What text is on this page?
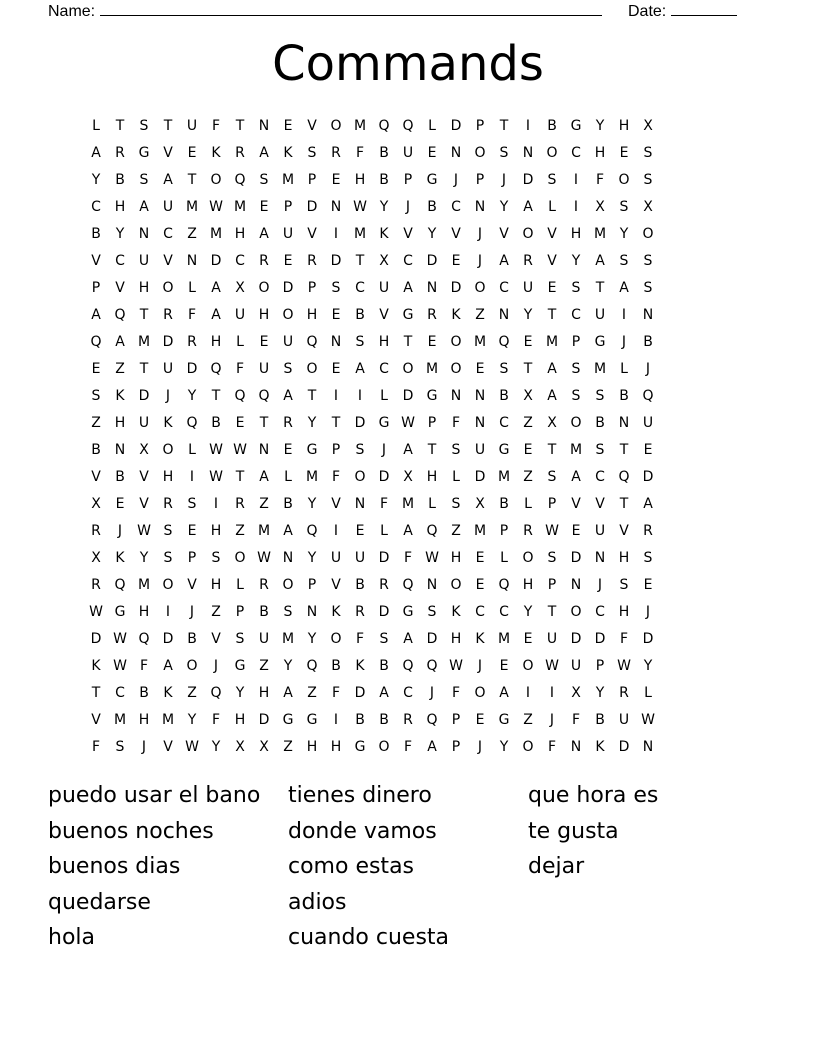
Name:	Date:
Commands
L	T	S	T	U	F	T	N	E	V O M Q Q	L	D	P	T	I	B G	Y	H X
A	R G V	E	K	R	A	K	S	R	F	B	U	E	N O	S	N O C H	E	S
Y	B	S	A	T	O Q	S M P	E	H B	P	G	J	P	J	D	S	I	F	O	S
C H A	U M W M E	P	D N W Y	J	B	C N	Y	A	L	I	X	S	X
B	Y	N C	Z M H A	U	V	I	M K	V	Y	V	J	V O V H M Y	O
V	C U	V N D C	R	E	R D	T	X	C D	E	J	A	R	V	Y	A	S	S
P	V H O	L	A	X O D	P	S	C U	A N D O C U	E	S	T	A	S
A Q	T	R	F	A	U H O H	E	B	V G R	K	Z N	Y	T	C U	I	N
Q A M D R H	L	E	U Q N	S	H	T	E	O M Q	E M P	G	J	B
E	Z	T	U D Q	F	U	S	O	E	A	C O M O	E	S	T	A	S M	L	J
S	K	D	J	Y	T	Q Q A	T	I	I	L	D G N N B	X	A	S	S	B Q
Z H U	K Q B	E	T	R	Y	T	D G W P	F	N C	Z	X O B N U
B N X O	L W W N	E	G	P	S	J	A	T	S	U G	E	T M S	T	E
V	B	V H	I	W T	A	L	M F	O D X H	L	D M Z	S	A	C Q D
X	E	V	R	S	I	R	Z	B	Y	V N	F M	L	S	X	B	L	P	V	V	T	A
R	J	W S	E	H Z M A Q	I	E	L	A Q Z M P	R W E	U	V	R
X	K	Y	S	P	S	O W N	Y	U U D	F W H	E	L	O	S	D N H	S
R Q M O V H	L	R O	P	V	B	R Q N O	E	Q H	P	N	J	S	E
W G H	I	J	Z	P	B	S	N	K	R D G	S	K	C	C	Y	T	O C H	J
D W Q D B	V	S	U M Y	O	F	S	A D H	K M E	U D D	F	D
K W F	A O	J	G Z	Y	Q B	K	B Q Q W	J	E	O W U	P W Y
T	C	B	K	Z Q	Y	H A	Z	F	D A	C	J	F	O A	I	I	X	Y	R	L
V M H M Y	F	H D G G	I	B	B	R Q	P	E	G Z	J	F	B	U W
F	S	J	V W Y	X	X	Z H H G O	F	A	P	J	Y	O	F	N	K	D N
puedo usar el bano
buenos noches
buenos dias
quedarse
hola
tienes dinero
donde vamos
como estas
adios
cuando cuesta
que hora es
te gusta
dejar
